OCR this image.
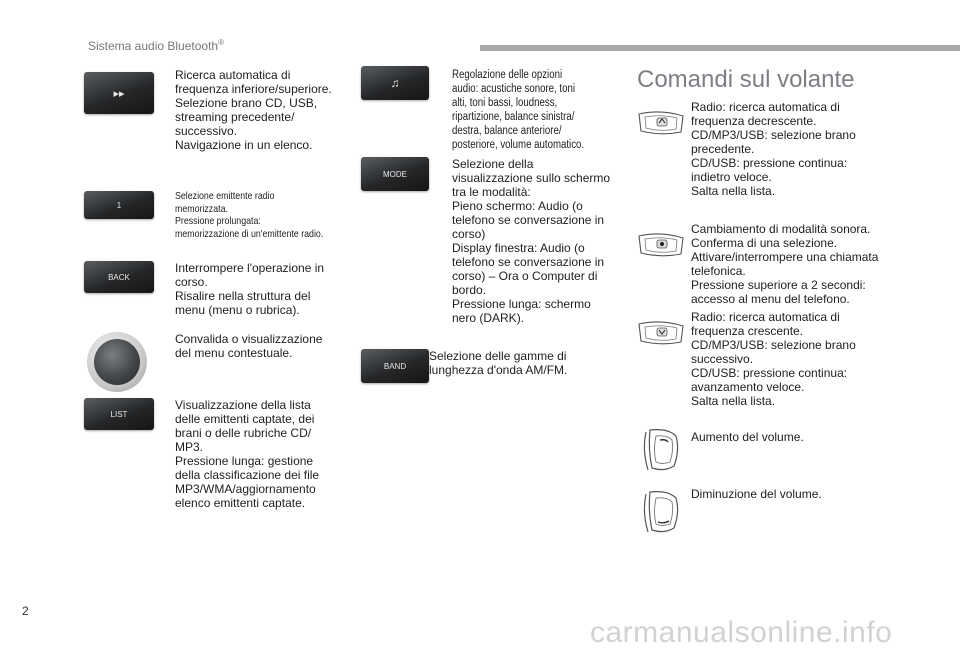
Sistema audio Bluetooth®
▸▸
Ricerca automatica di
frequenza inferiore/superiore.
Selezione brano CD, USB,
streaming precedente/
successivo.
Navigazione in un elenco.
1
Selezione emittente radio
memorizzata.
Pressione prolungata:
memorizzazione di un'emittente radio.
BACK
Interrompere l'operazione in
corso.
Risalire nella struttura del
menu (menu o rubrica).
Convalida o visualizzazione
del menu contestuale.
LIST
Visualizzazione della lista
delle emittenti captate, dei
brani o delle rubriche CD/
MP3.
Pressione lunga: gestione
della classificazione dei file
MP3/WMA/aggiornamento
elenco emittenti captate.
♫
Regolazione delle opzioni
audio: acustiche sonore, toni
alti, toni bassi, loudness,
ripartizione, balance sinistra/
destra, balance anteriore/
posteriore, volume automatico.
MODE
Selezione della
visualizzazione sullo schermo
tra le modalità:
Pieno schermo: Audio (o
telefono se conversazione in
corso)
Display finestra: Audio (o
telefono se conversazione in
corso) – Ora o Computer di
bordo.
Pressione lunga: schermo
nero (DARK).
BAND
Selezione delle gamme di
lunghezza d'onda AM/FM.
Comandi sul volante
Radio: ricerca automatica di
frequenza decrescente.
CD/MP3/USB: selezione brano
precedente.
CD/USB: pressione continua:
indietro veloce.
Salta nella lista.
Cambiamento di modalità sonora.
Conferma di una selezione.
Attivare/interrompere una chiamata
telefonica.
Pressione superiore a 2 secondi:
accesso al menu del telefono.
Radio: ricerca automatica di
frequenza crescente.
CD/MP3/USB: selezione brano
successivo.
CD/USB: pressione continua:
avanzamento veloce.
Salta nella lista.
Aumento del volume.
Diminuzione del volume.
2
carmanualsonline.info
